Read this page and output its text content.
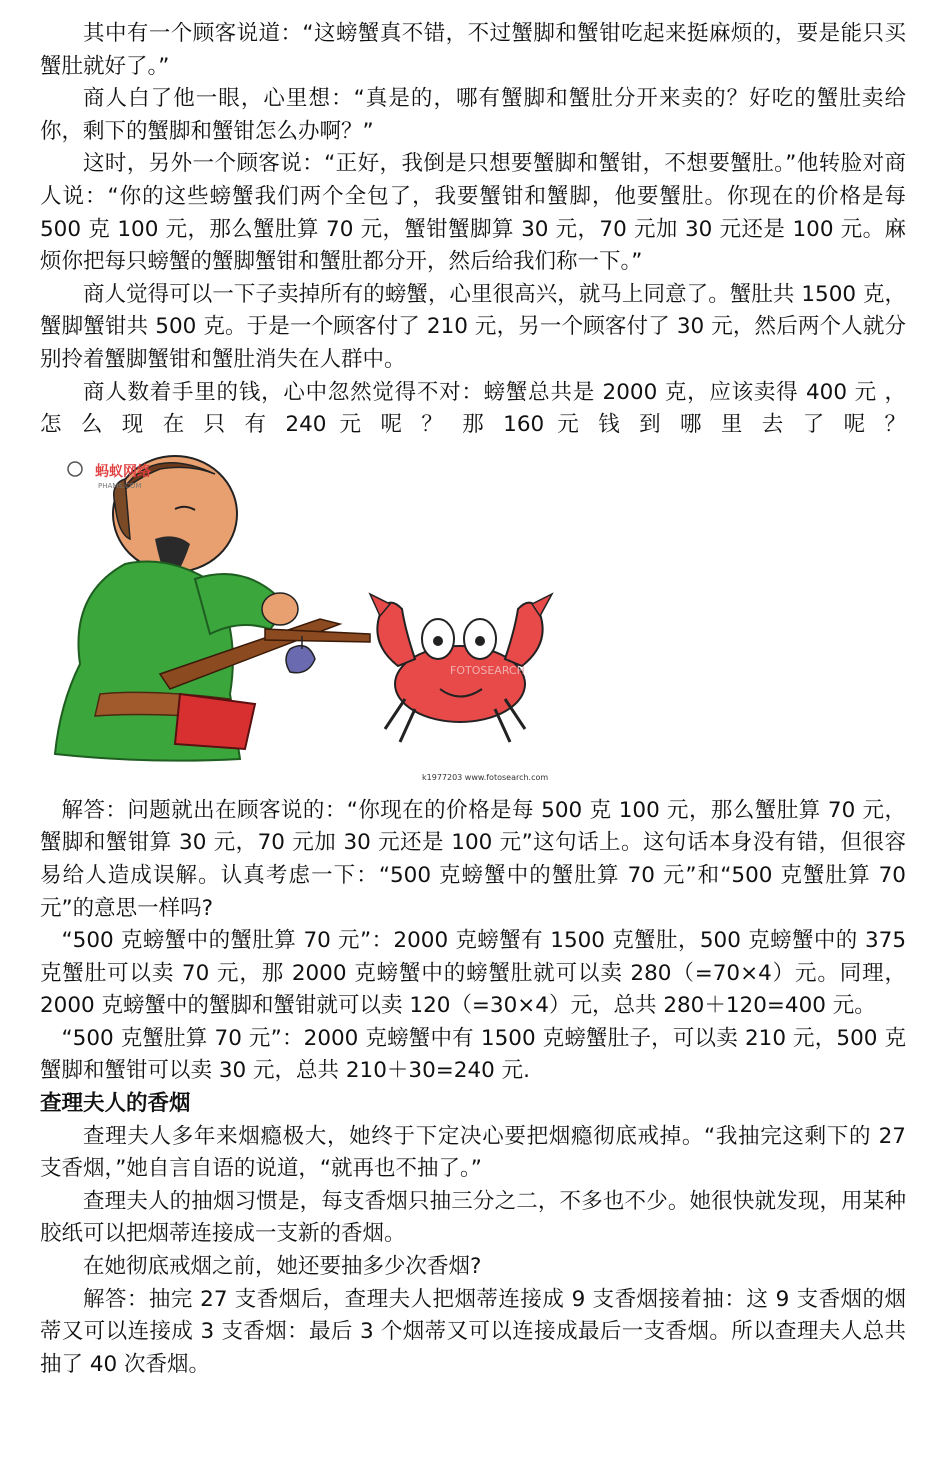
其中有一个顾客说道：“这螃蟹真不错，不过蟹脚和蟹钳吃起来挺麻烦的，要是能只买蟹肚就好了。”

商人白了他一眼，心里想：“真是的，哪有蟹脚和蟹肚分开来卖的？好吃的蟹肚卖给你，剩下的蟹脚和蟹钳怎么办啊？”

这时，另外一个顾客说：“正好，我倒是只想要蟹脚和蟹钳，不想要蟹肚。”他转脸对商人说：“你的这些螃蟹我们两个全包了，我要蟹钳和蟹脚，他要蟹肚。你现在的价格是每 500 克 100 元，那么蟹肚算 70 元，蟹钳蟹脚算 30 元，70 元加 30 元还是 100 元。麻烦你把每只螃蟹的蟹脚蟹钳和蟹肚都分开，然后给我们称一下。”

商人觉得可以一下子卖掉所有的螃蟹，心里很高兴，就马上同意了。蟹肚共 1500 克，蟹脚蟹钳共 500 克。于是一个顾客付了 210 元，另一个顾客付了 30 元，然后两个人就分别拎着蟹脚蟹钳和蟹肚消失在人群中。

商人数着手里的钱，心中忽然觉得不对：螃蟹总共是 2000 克，应该卖得 400 元 ， 怎 么 现 在 只 有 240 元 呢 ？ 那 160 元 钱 到 哪 里 去 了 呢 ？

蚂蚁网络
PHAMS.COM
FOTOSEARCH
k1977203 www.fotosearch.com

解答：问题就出在顾客说的：“你现在的价格是每 500 克 100 元，那么蟹肚算 70 元，蟹脚和蟹钳算 30 元，70 元加 30 元还是 100 元”这句话上。这句话本身没有错，但很容易给人造成误解。认真考虑一下：“500 克螃蟹中的蟹肚算 70 元”和“500 克蟹肚算 70 元”的意思一样吗?

“500 克螃蟹中的蟹肚算 70 元”：2000 克螃蟹有 1500 克蟹肚，500 克螃蟹中的 375 克蟹肚可以卖 70 元，那 2000 克螃蟹中的螃蟹肚就可以卖 280（=70×4）元。同理，2000 克螃蟹中的蟹脚和蟹钳就可以卖 120（=30×4）元，总共 280＋120=400 元。

“500 克蟹肚算 70 元”：2000 克螃蟹中有 1500 克螃蟹肚子，可以卖 210 元，500 克蟹脚和蟹钳可以卖 30 元，总共 210＋30=240 元.

查理夫人的香烟

查理夫人多年来烟瘾极大，她终于下定决心要把烟瘾彻底戒掉。“我抽完这剩下的 27 支香烟，”她自言自语的说道，“就再也不抽了。”

查理夫人的抽烟习惯是，每支香烟只抽三分之二，不多也不少。她很快就发现，用某种胶纸可以把烟蒂连接成一支新的香烟。

在她彻底戒烟之前，她还要抽多少次香烟?

解答：抽完 27 支香烟后，查理夫人把烟蒂连接成 9 支香烟接着抽：这 9 支香烟的烟蒂又可以连接成 3 支香烟：最后 3 个烟蒂又可以连接成最后一支香烟。所以查理夫人总共抽了 40 次香烟。
